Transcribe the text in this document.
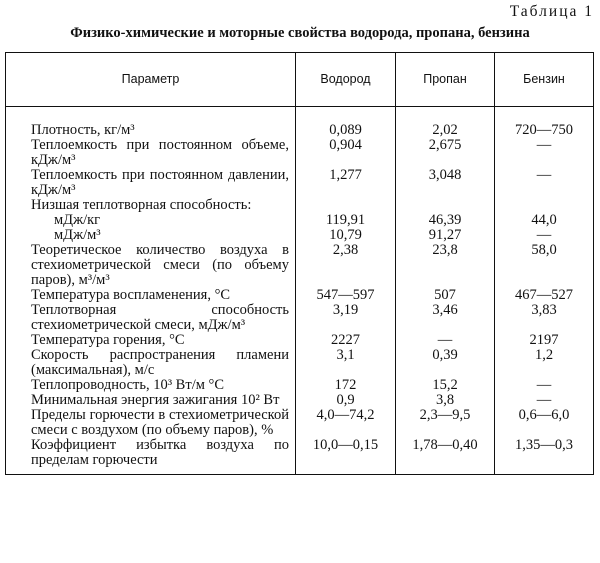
Таблица 1
Физико-химические и моторные свойства водорода, пропана, бензина
Параметр	Водород	Пропан	Бензин
Плотность, кг/м³	0,089	2,02	720—750
Теплоемкость при постоянном объеме, кДж/м³	0,904	2,675	—
Теплоемкость при постоянном давлении, кДж/м³	1,277	3,048	—
Низшая теплотворная способность:			
мДж/кг	119,91	46,39	44,0
мДж/м³	10,79	91,27	—
Теоретическое количество воздуха в стехиометрической смеси (по объему паров), м³/м³	2,38	23,8	58,0
Температура воспламенения, °С	547—597	507	467—527
Теплотворная способность стехиометрической смеси, мДж/м³	3,19	3,46	3,83
Температура горения, °С	2227	—	2197
Скорость распространения пламени (максимальная), м/с	3,1	0,39	1,2
Теплопроводность, 10³ Вт/м °С	172	15,2	—
Минимальная энергия зажигания 10² Вт	0,9	3,8	—
Пределы горючести в стехиометрической смеси с воздухом (по объему паров), %	4,0—74,2	2,3—9,5	0,6—6,0
Коэффициент избытка воздуха по пределам горючести	10,0—0,15	1,78—0,40	1,35—0,3
